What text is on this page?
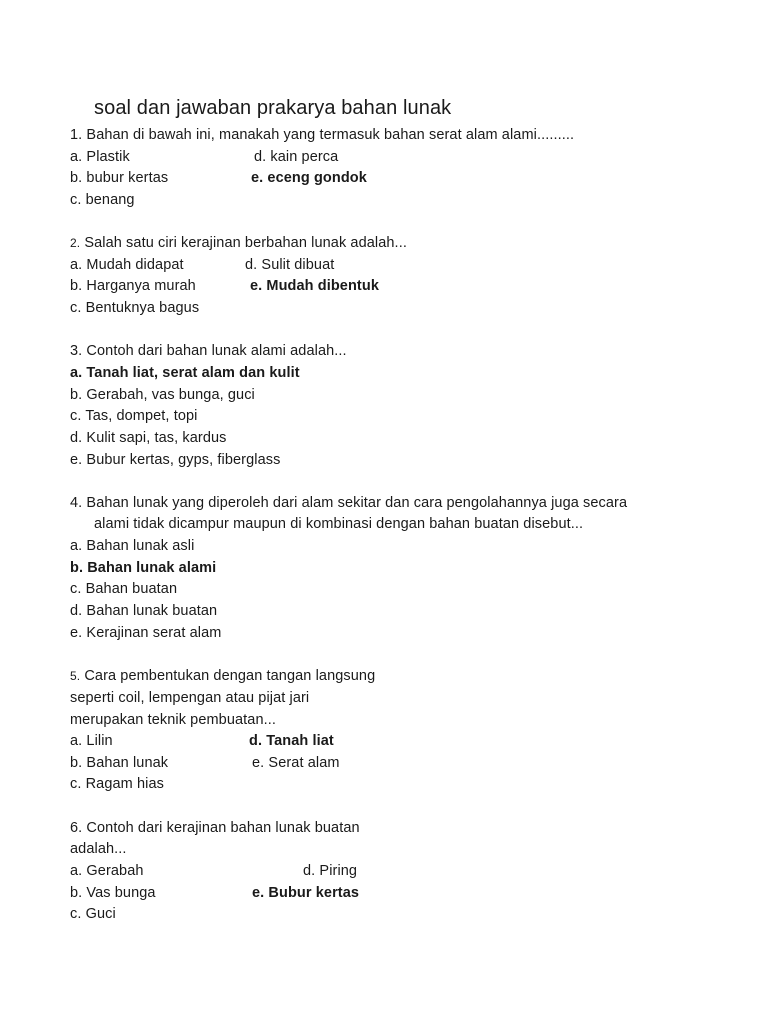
soal dan jawaban prakarya bahan lunak
1. Bahan di bawah ini, manakah yang termasuk bahan serat alam alami.........
a. Plastik	d. kain perca
b. bubur kertas	e. eceng gondok
c. benang
2. Salah satu ciri kerajinan berbahan lunak adalah...
a. Mudah didapat	d. Sulit dibuat
b. Harganya murah	e. Mudah dibentuk
c. Bentuknya bagus
3. Contoh dari bahan lunak alami adalah...
a. Tanah liat, serat alam dan kulit
b. Gerabah, vas bunga, guci
c. Tas, dompet, topi
d. Kulit sapi, tas, kardus
e. Bubur kertas, gyps, fiberglass
4. Bahan lunak yang diperoleh dari alam sekitar dan cara pengolahannya juga secara
alami tidak dicampur maupun di kombinasi dengan bahan buatan disebut...
a. Bahan lunak asli
b. Bahan lunak alami
c. Bahan buatan
d. Bahan lunak buatan
e. Kerajinan serat alam
5. Cara pembentukan dengan tangan langsung
seperti coil, lempengan atau pijat jari
merupakan teknik pembuatan...
a. Lilin	d. Tanah liat
b. Bahan lunak	e. Serat alam
c. Ragam hias
6. Contoh dari kerajinan bahan lunak buatan
adalah...
a. Gerabah	d. Piring
b. Vas bunga	e. Bubur kertas
c. Guci
